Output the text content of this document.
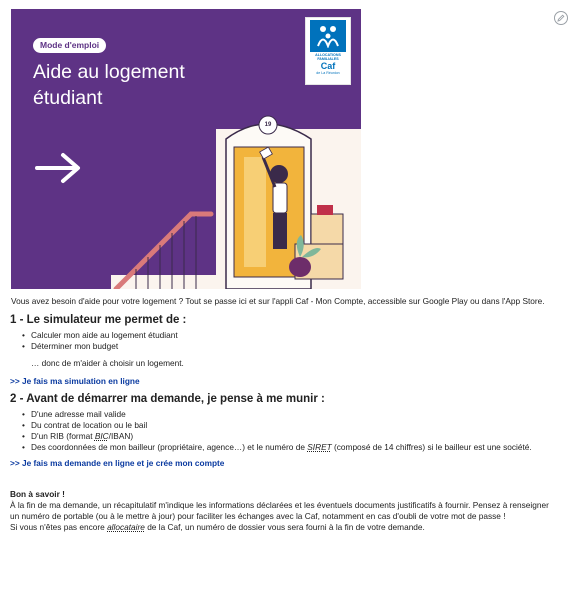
Mode d'emploi
Aide au logement
étudiant
19
ALLOCATIONS
FAMILIALES
Caf
de La Réunion

Vous avez besoin d'aide pour votre logement ? Tout se passe ici et sur l'appli Caf - Mon Compte, accessible sur Google Play ou dans l'App Store.

1 - Le simulateur me permet de :
• Calculer mon aide au logement étudiant
• Déterminer mon budget

… donc de m'aider à choisir un logement.

>> Je fais ma simulation en ligne
2 - Avant de démarrer ma demande, je pense à me munir :
• D'une adresse mail valide
• Du contrat de location ou le bail
• D'un RIB (format BIC/IBAN)
• Des coordonnées de mon bailleur (propriétaire, agence…) et le numéro de SIRET (composé de 14 chiffres) si le bailleur est une société.
>> Je fais ma demande en ligne et je crée mon compte

Bon à savoir !

À la fin de ma demande, un récapitulatif m'indique les informations déclarées et les éventuels documents justificatifs à fournir. Pensez à renseigner un numéro de portable (ou à le mettre à jour) pour faciliter les échanges avec la Caf, notamment en cas d'oubli de votre mot de passe !

Si vous n'êtes pas encore allocataire de la Caf, un numéro de dossier vous sera fourni à la fin de votre demande.
